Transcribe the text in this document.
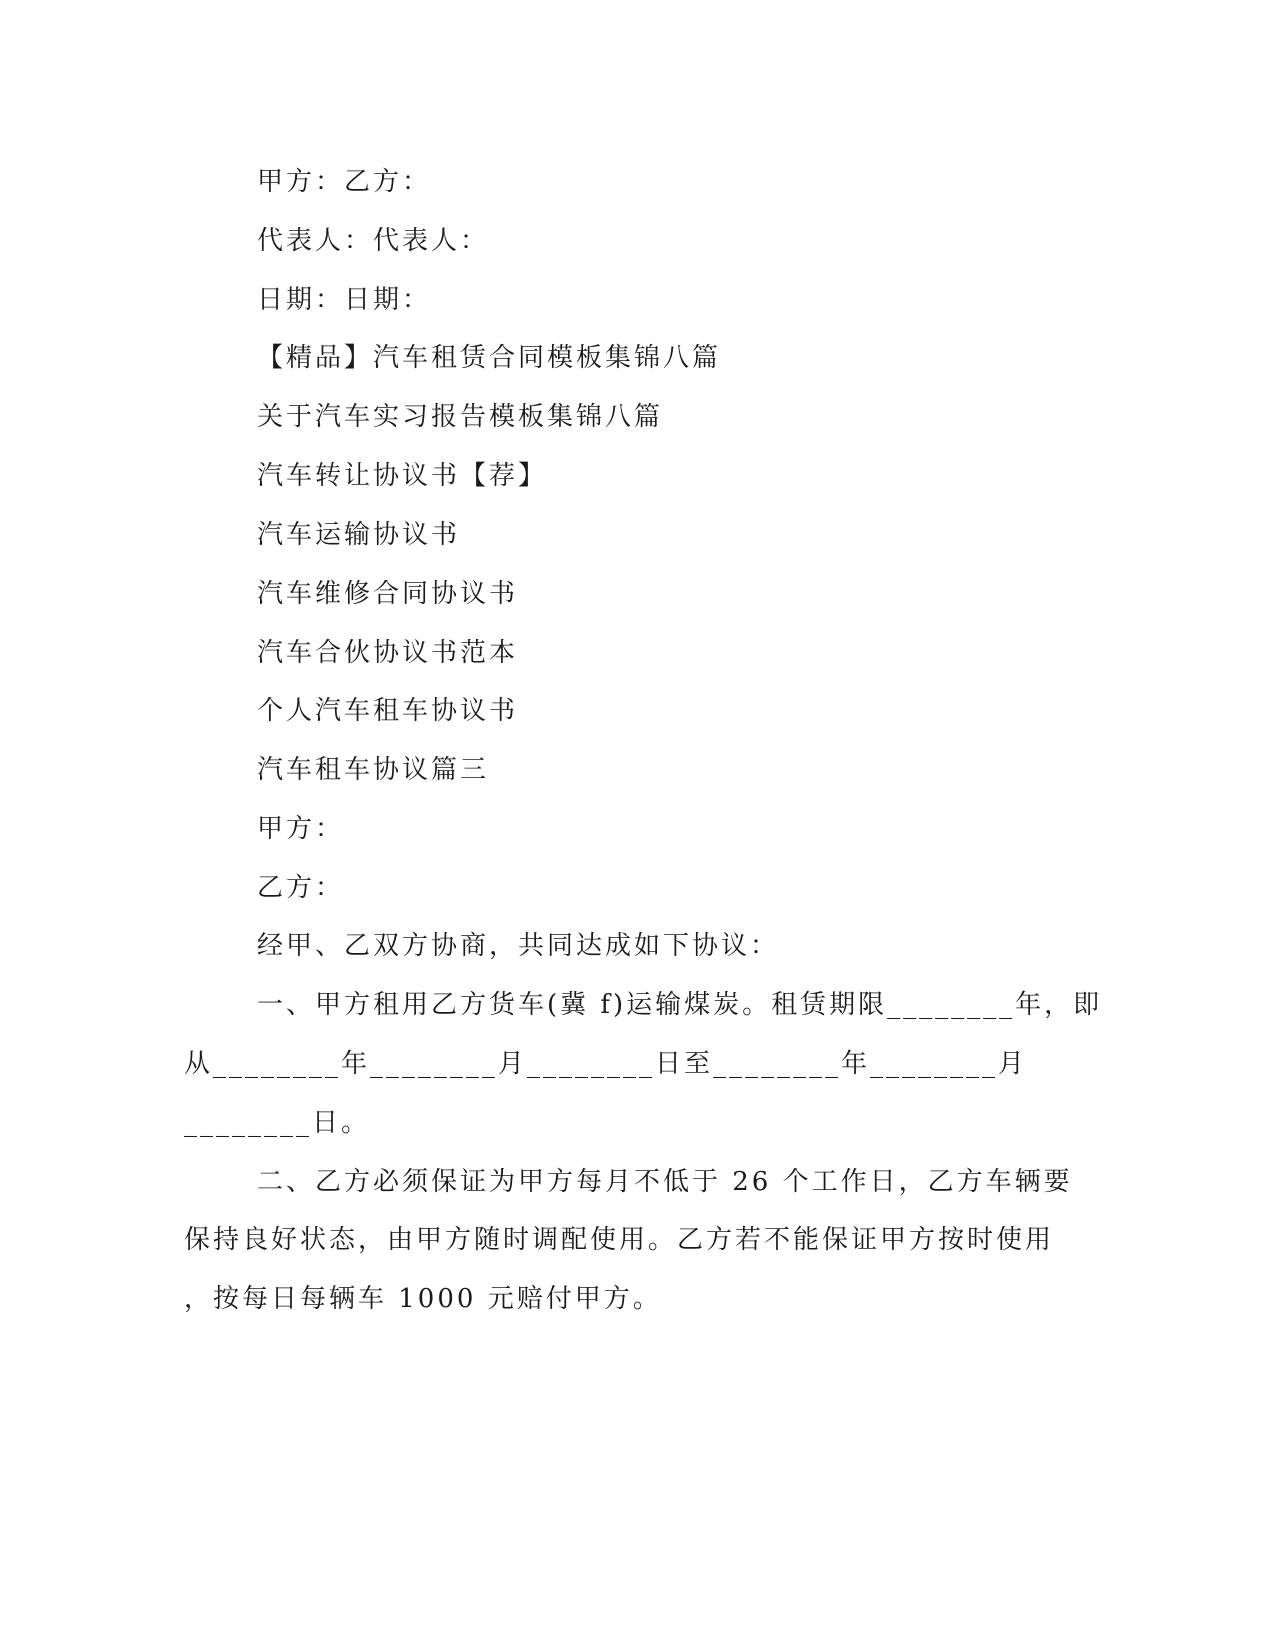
甲方：乙方：
代表人：代表人：
日期：日期：
【精品】汽车租赁合同模板集锦八篇
关于汽车实习报告模板集锦八篇
汽车转让协议书【荐】
汽车运输协议书
汽车维修合同协议书
汽车合伙协议书范本
个人汽车租车协议书
汽车租车协议篇三
甲方：
乙方：
经甲、乙双方协商，共同达成如下协议：
一、甲方租用乙方货车(冀 f)运输煤炭。租赁期限________年，即
从________年________月________日至________年________月
________日。
二、乙方必须保证为甲方每月不低于 26 个工作日，乙方车辆要
保持良好状态，由甲方随时调配使用。乙方若不能保证甲方按时使用
，按每日每辆车 1000 元赔付甲方。
